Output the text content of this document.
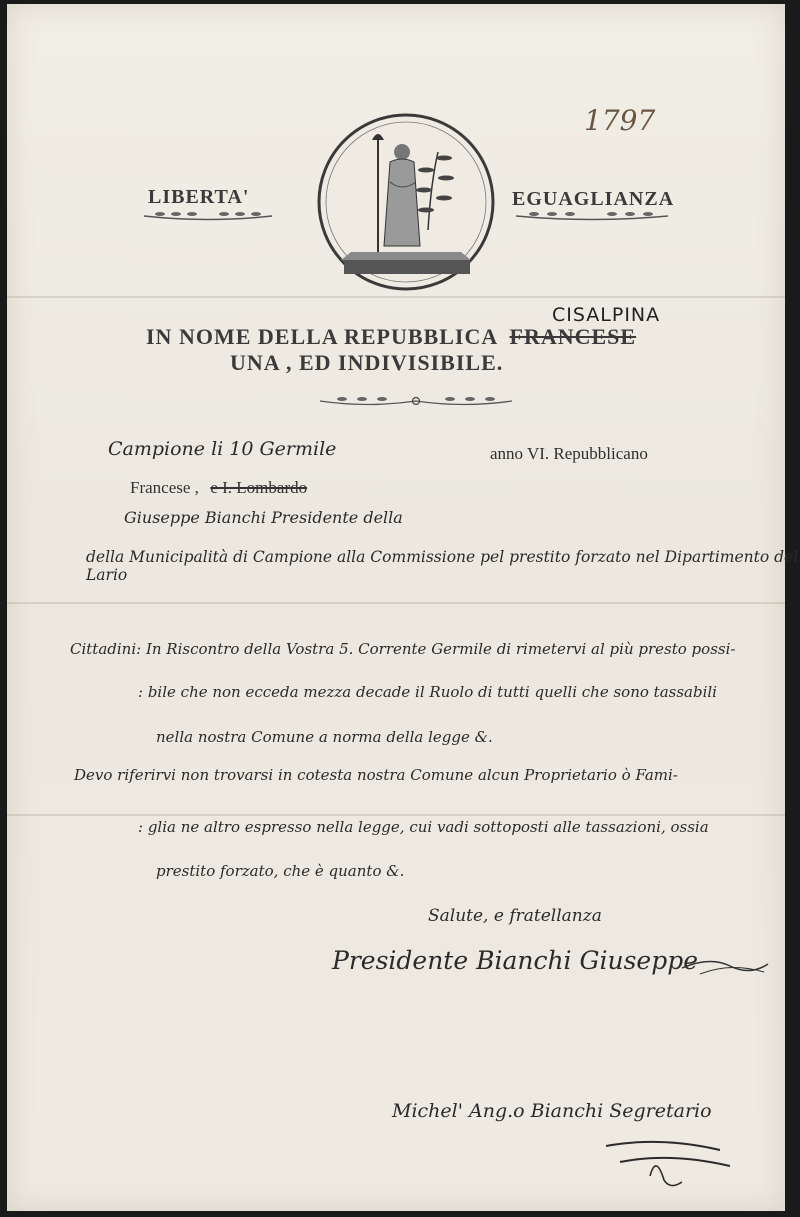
1797
LIBERTA'	EGUAGLIANZA
IN NOME DELLA REPUBBLICA FRANCESE
CISALPINA
UNA , ED INDIVISIBILE.
Campione li 10 Germile	anno VI. Repubblicano
Francese , e I. Lombardo
Giuseppe Bianchi Presidente della
della Municipalità di Campione alla Commissione pel prestito forzato nel Dipartimento del Lario
Cittadini: In Riscontro della Vostra 5. Corrente Germile di rimetervi al più presto possi-
: bile che non ecceda mezza decade il Ruolo di tutti quelli che sono tassabili
nella nostra Comune a norma della legge &.
Devo riferirvi non trovarsi in cotesta nostra Comune alcun Proprietario ò Fami-
: glia ne altro espresso nella legge, cui vadi sottoposti alle tassazioni, ossia
prestito forzato, che è quanto &.
Salute, e fratellanza
Presidente Bianchi Giuseppe
Michel' Ang.o Bianchi Segretario
